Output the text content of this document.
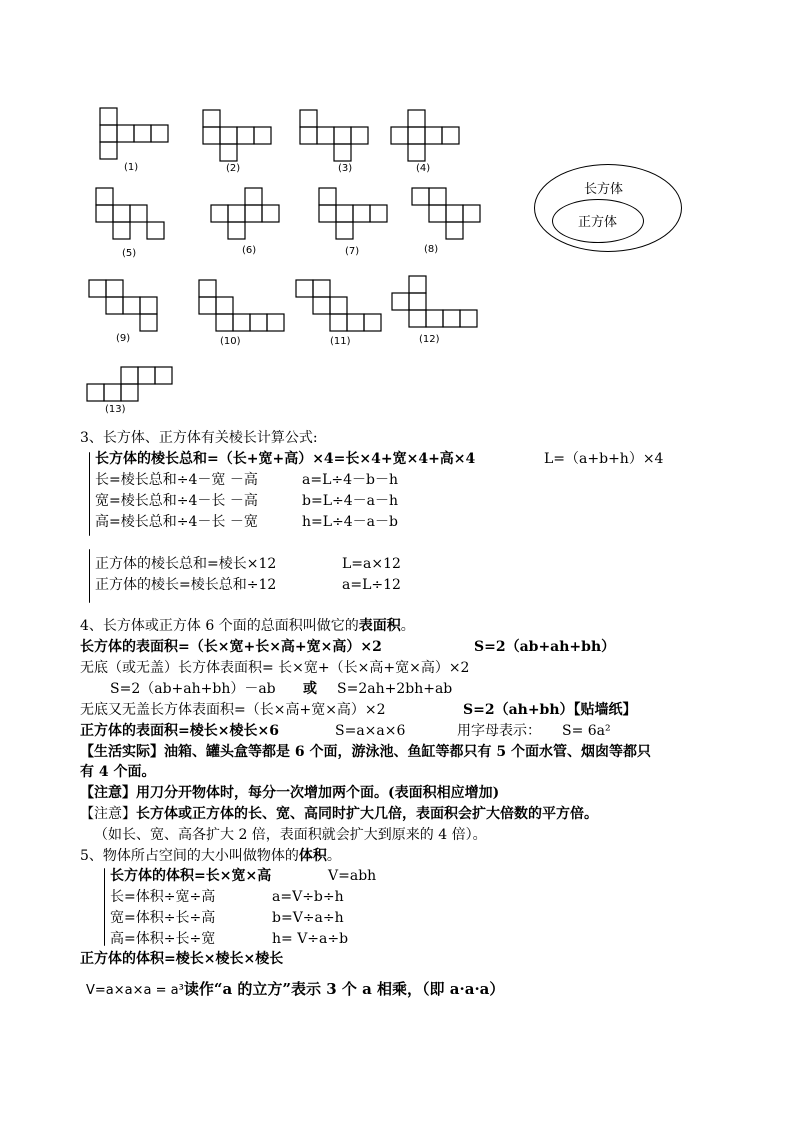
(1)	(2)	(3)	(4)
(5)	(6)	(7)	(8)
(9)	(10)	(11)	(12)
(13)
长方体
正方体
3、长方体、正方体有关棱长计算公式:
长方体的棱长总和=（长+宽+高）×4=长×4+宽×4+高×4	L=（a+b+h）×4
长=棱长总和÷4－宽 －高	a=L÷4－b－h
宽=棱长总和÷4－长 －高	b=L÷4－a－h
高=棱长总和÷4－长 －宽	h=L÷4－a－b
正方体的棱长总和=棱长×12	L=a×12
正方体的棱长=棱长总和÷12	a=L÷12
4、长方体或正方体 6 个面的总面积叫做它的表面积。
长方体的表面积=（长×宽+长×高+宽×高）×2	S=2（ab+ah+bh）
无底（或无盖）长方体表面积= 长×宽+（长×高+宽×高）×2
S=2（ab+ah+bh）－ab 或 S=2ah+2bh+ab
无底又无盖长方体表面积=（长×高+宽×高）×2	S=2（ah+bh）【贴墙纸】
正方体的表面积=棱长×棱长×6	S=a×a×6	用字母表示： S= 6a²
【生活实际】油箱、罐头盒等都是 6 个面，游泳池、鱼缸等都只有 5 个面水管、烟囱等都只
有 4 个面。
【注意】用刀分开物体时，每分一次增加两个面。(表面积相应增加)
【注意】长方体或正方体的长、宽、高同时扩大几倍，表面积会扩大倍数的平方倍。
（如长、宽、高各扩大 2 倍，表面积就会扩大到原来的 4 倍）。
5、物体所占空间的大小叫做物体的体积。
长方体的体积=长×宽×高	V=abh
长=体积÷宽÷高	a=V÷b÷h
宽=体积÷长÷高	b=V÷a÷h
高=体积÷长÷宽	h= V÷a÷b
正方体的体积=棱长×棱长×棱长
V=a×a×a = a³读作“a 的立方”表示 3 个 a 相乘，（即 a·a·a）
